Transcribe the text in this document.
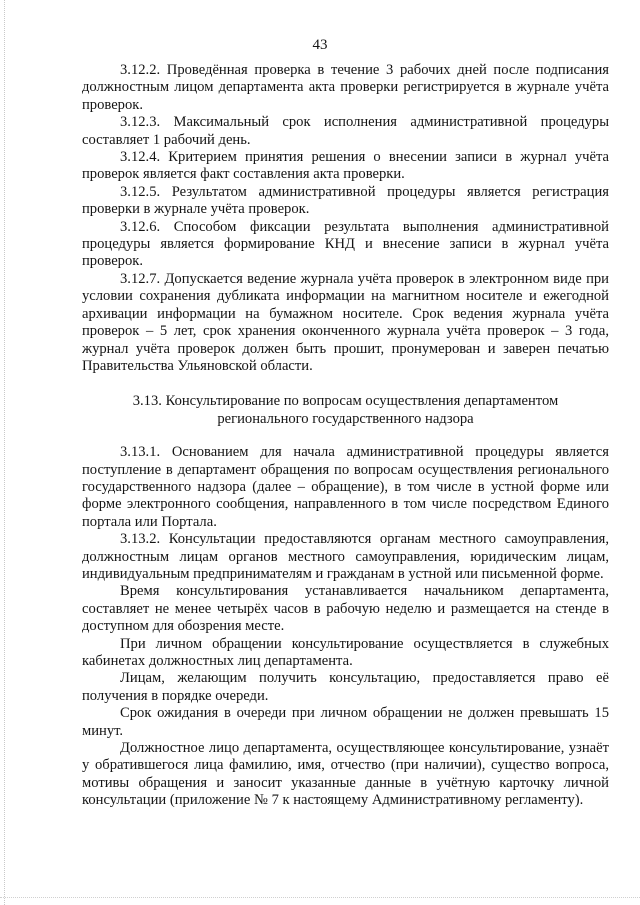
43

3.12.2. Проведённая проверка в течение 3 рабочих дней после подписания должностным лицом департамента акта проверки регистрируется в журнале учёта проверок.

3.12.3. Максимальный срок исполнения административной процедуры составляет 1 рабочий день.

3.12.4. Критерием принятия решения о внесении записи в журнал учёта проверок является факт составления акта проверки.

3.12.5. Результатом административной процедуры является регистрация проверки в журнале учёта проверок.

3.12.6. Способом фиксации результата выполнения административной процедуры является формирование КНД и внесение записи в журнал учёта проверок.

3.12.7. Допускается ведение журнала учёта проверок в электронном виде при условии сохранения дубликата информации на магнитном носителе и ежегодной архивации информации на бумажном носителе. Срок ведения журнала учёта проверок – 5 лет, срок хранения оконченного журнала учёта проверок – 3 года, журнал учёта проверок должен быть прошит, пронумерован и заверен печатью Правительства Ульяновской области.

3.13. Консультирование по вопросам осуществления департаментом
регионального государственного надзора

3.13.1. Основанием для начала административной процедуры является поступление в департамент обращения по вопросам осуществления регионального государственного надзора (далее – обращение), в том числе в устной форме или форме электронного сообщения, направленного в том числе посредством Единого портала или Портала.

3.13.2. Консультации предоставляются органам местного самоуправления, должностным лицам органов местного самоуправления, юридическим лицам, индивидуальным предпринимателям и гражданам в устной или письменной форме.

Время консультирования устанавливается начальником департамента, составляет не менее четырёх часов в рабочую неделю и размещается на стенде в доступном для обозрения месте.

При личном обращении консультирование осуществляется в служебных кабинетах должностных лиц департамента.

Лицам, желающим получить консультацию, предоставляется право её получения в порядке очереди.

Срок ожидания в очереди при личном обращении не должен превышать 15 минут.

Должностное лицо департамента, осуществляющее консультирование, узнаёт у обратившегося лица фамилию, имя, отчество (при наличии), существо вопроса, мотивы обращения и заносит указанные данные в учётную карточку личной консультации (приложение № 7 к настоящему Административному регламенту).
